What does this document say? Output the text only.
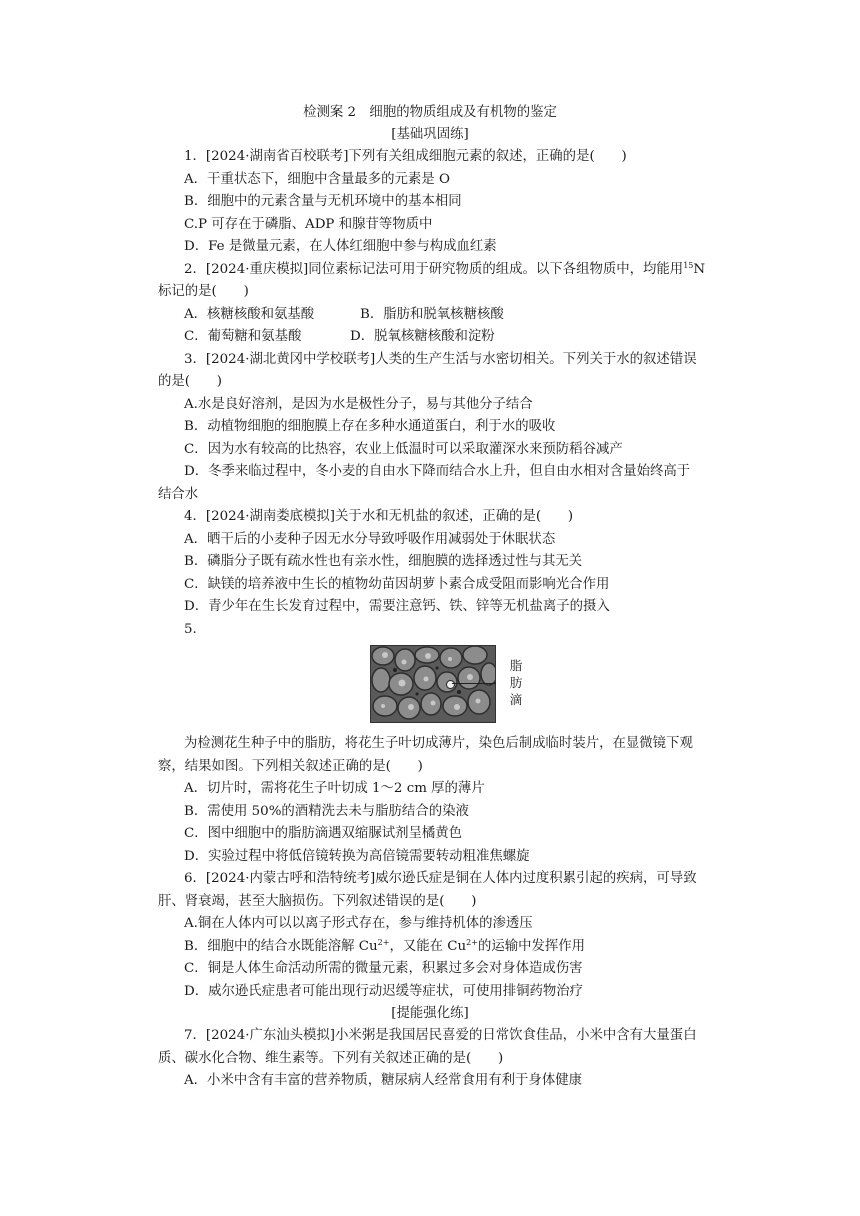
检测案 2　细胞的物质组成及有机物的鉴定
[基础巩固练]
1．[2024·湖南省百校联考]下列有关组成细胞元素的叙述，正确的是(　　)
A．干重状态下，细胞中含量最多的元素是 O
B．细胞中的元素含量与无机环境中的基本相同
C.P 可存在于磷脂、ADP 和腺苷等物质中
D．Fe 是微量元素，在人体红细胞中参与构成血红素
2．[2024·重庆模拟]同位素标记法可用于研究物质的组成。以下各组物质中，均能用$^{15}$N
标记的是(　　)
A．核糖核酸和氨基酸	B．脂肪和脱氧核糖核酸
C．葡萄糖和氨基酸	D．脱氧核糖核酸和淀粉
3．[2024·湖北黄冈中学校联考]人类的生产生活与水密切相关。下列关于水的叙述错误
的是(　　)
A.水是良好溶剂，是因为水是极性分子，易与其他分子结合
B．动植物细胞的细胞膜上存在多种水通道蛋白，利于水的吸收
C．因为水有较高的比热容，农业上低温时可以采取灌深水来预防稻谷减产
D．冬季来临过程中，冬小麦的自由水下降而结合水上升，但自由水相对含量始终高于
结合水
4．[2024·湖南娄底模拟]关于水和无机盐的叙述，正确的是(　　)
A．晒干后的小麦种子因无水分导致呼吸作用减弱处于休眠状态
B．磷脂分子既有疏水性也有亲水性，细胞膜的选择透过性与其无关
C．缺镁的培养液中生长的植物幼苗因胡萝卜素合成受阻而影响光合作用
D．青少年在生长发育过程中，需要注意钙、铁、锌等无机盐离子的摄入
5.
脂
肪
滴
为检测花生种子中的脂肪，将花生子叶切成薄片，染色后制成临时装片，在显微镜下观
察，结果如图。下列相关叙述正确的是(　　)
A．切片时，需将花生子叶切成 1～2 cm 厚的薄片
B．需使用 50%的酒精洗去未与脂肪结合的染液
C．图中细胞中的脂肪滴遇双缩脲试剂呈橘黄色
D．实验过程中将低倍镜转换为高倍镜需要转动粗准焦螺旋
6．[2024·内蒙古呼和浩特统考]威尔逊氏症是铜在人体内过度积累引起的疾病，可导致
肝、肾衰竭，甚至大脑损伤。下列叙述错误的是(　　)
A.铜在人体内可以以离子形式存在，参与维持机体的渗透压
B．细胞中的结合水既能溶解 $Cu^{2+}$，又能在 $Cu^{2+}$的运输中发挥作用
C．铜是人体生命活动所需的微量元素，积累过多会对身体造成伤害
D．威尔逊氏症患者可能出现行动迟缓等症状，可使用排铜药物治疗
[提能强化练]
7．[2024·广东汕头模拟]小米粥是我国居民喜爱的日常饮食佳品，小米中含有大量蛋白
质、碳水化合物、维生素等。下列有关叙述正确的是(　　)
A．小米中含有丰富的营养物质，糖尿病人经常食用有利于身体健康
